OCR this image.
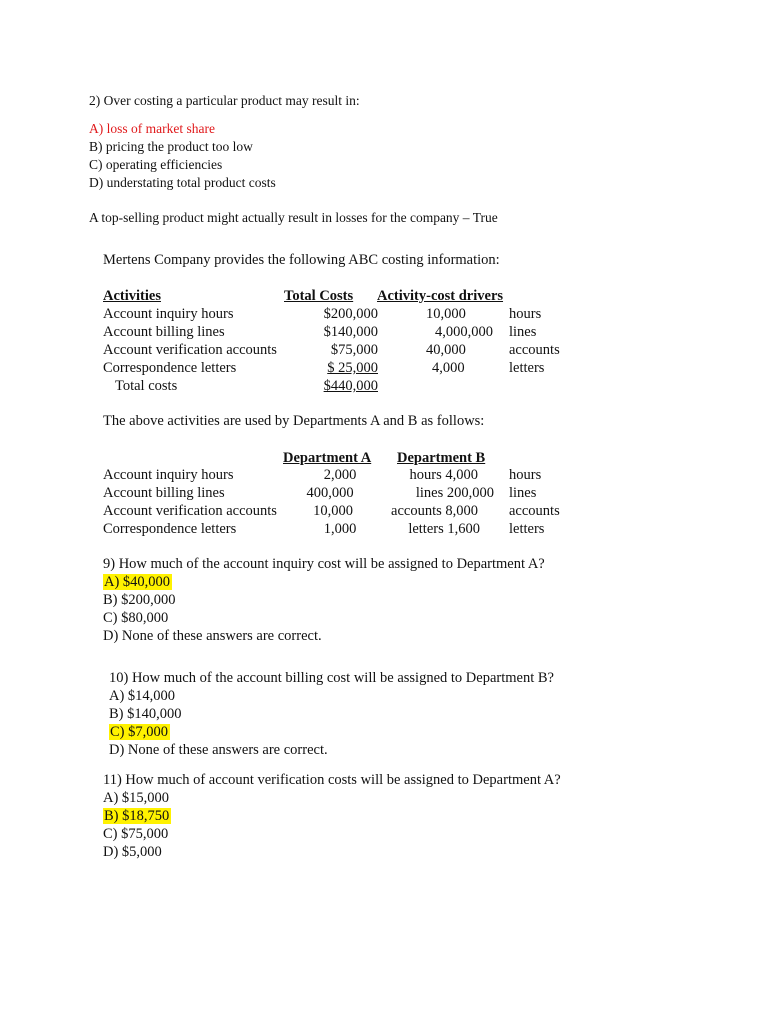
2) Over costing a particular product may result in:
A) loss of market share
B) pricing the product too low
C) operating efficiencies
D) understating total product costs
A top-selling product might actually result in losses for the company – True
Mertens Company provides the following ABC costing information:
Activities	Total Costs Activity-cost drivers
Account inquiry hours	$200,000	10,000	hours
Account billing lines	$140,000	4,000,000 lines
Account verification accounts	$75,000	40,000	accounts
Correspondence letters	$ 25,000	4,000	letters
Total costs	$440,000
The above activities are used by Departments A and B as follows:
Department A Department B
Account inquiry hours	2,000	hours 4,000 hours
Account billing lines	400,000	lines 200,000 lines
Account verification accounts	10,000	accounts 8,000 accounts
Correspondence letters	1,000	letters 1,600 letters
9) How much of the account inquiry cost will be assigned to Department A?
A) $40,000
B) $200,000
C) $80,000
D) None of these answers are correct.
10) How much of the account billing cost will be assigned to Department B?
A) $14,000
B) $140,000
C) $7,000
D) None of these answers are correct.
11) How much of account verification costs will be assigned to Department A?
A) $15,000
B) $18,750
C) $75,000
D) $5,000
